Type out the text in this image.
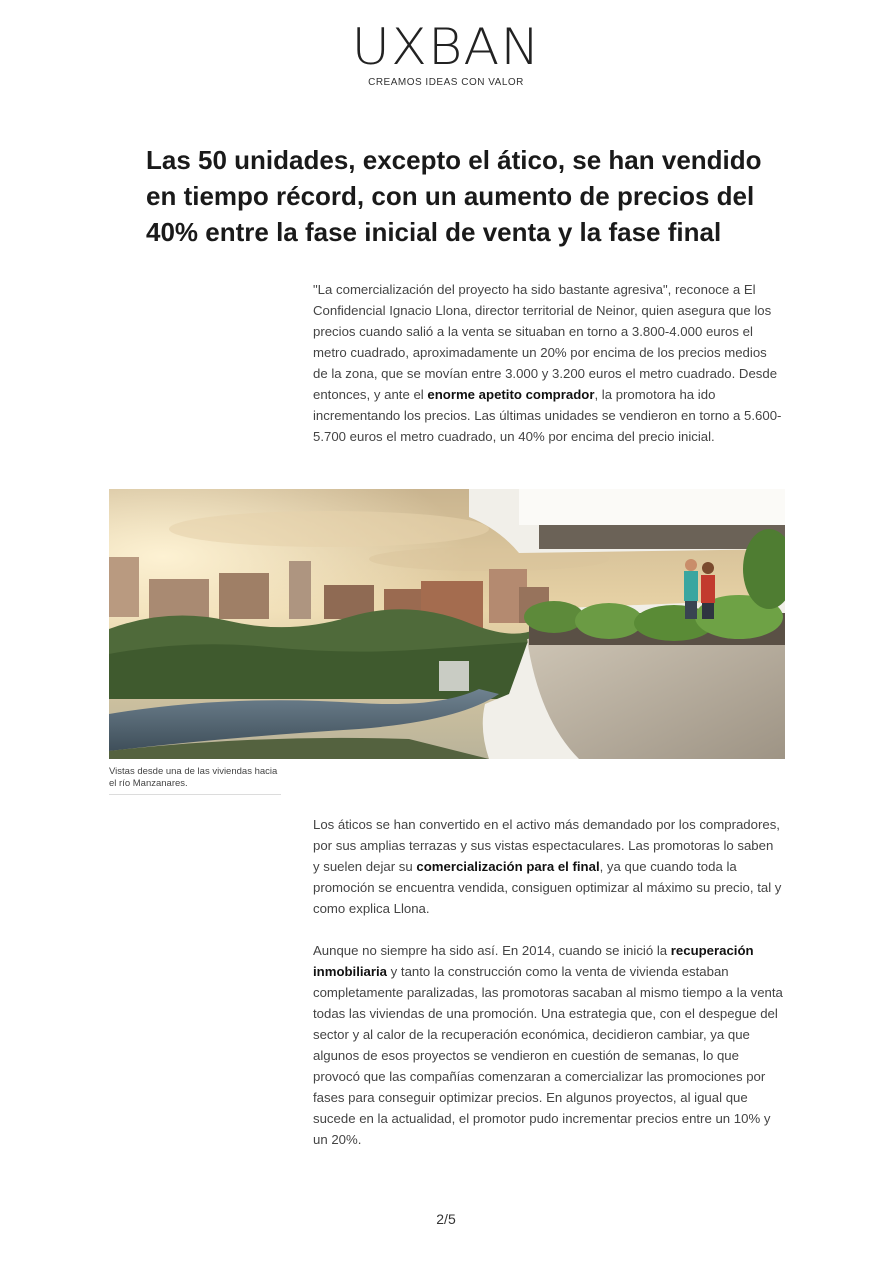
UXBAN
CREAMOS IDEAS CON VALOR
Las 50 unidades, excepto el ático, se han vendido en tiempo récord, con un aumento de precios del 40% entre la fase inicial de venta y la fase final

"La comercialización del proyecto ha sido bastante agresiva", reconoce a El Confidencial Ignacio Llona, director territorial de Neinor, quien asegura que los precios cuando salió a la venta se situaban en torno a 3.800-4.000 euros el metro cuadrado, aproximadamente un 20% por encima de los precios medios de la zona, que se movían entre 3.000 y 3.200 euros el metro cuadrado. Desde entonces, y ante el enorme apetito comprador, la promotora ha ido incrementando los precios. Las últimas unidades se vendieron en torno a 5.600-5.700 euros el metro cuadrado, un 40% por encima del precio inicial.

Vistas desde una de las viviendas hacia el río Manzanares.

Los áticos se han convertido en el activo más demandado por los compradores, por sus amplias terrazas y sus vistas espectaculares. Las promotoras lo saben y suelen dejar su comercialización para el final, ya que cuando toda la promoción se encuentra vendida, consiguen optimizar al máximo su precio, tal y como explica Llona.

Aunque no siempre ha sido así. En 2014, cuando se inició la recuperación inmobiliaria y tanto la construcción como la venta de vivienda estaban completamente paralizadas, las promotoras sacaban al mismo tiempo a la venta todas las viviendas de una promoción. Una estrategia que, con el despegue del sector y al calor de la recuperación económica, decidieron cambiar, ya que algunos de esos proyectos se vendieron en cuestión de semanas, lo que provocó que las compañías comenzaran a comercializar las promociones por fases para conseguir optimizar precios. En algunos proyectos, al igual que sucede en la actualidad, el promotor pudo incrementar precios entre un 10% y un 20%.

2/5
